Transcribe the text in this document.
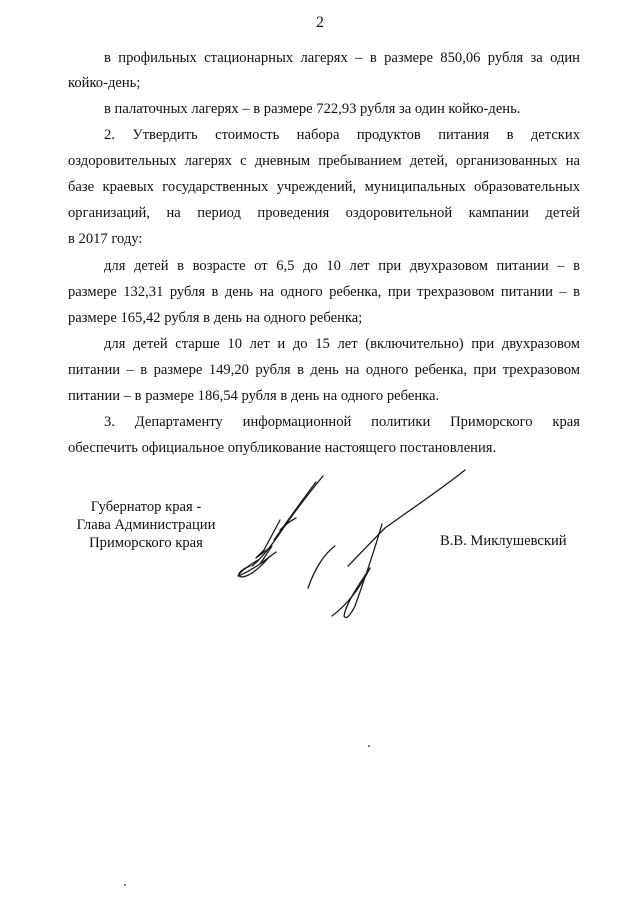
2
в профильных стационарных лагерях – в размере 850,06 рубля за один
койко-день;
в палаточных лагерях – в размере 722,93 рубля за один койко-день.
2. Утвердить стоимость набора продуктов питания в детских
оздоровительных лагерях с дневным пребыванием детей, организованных на
базе краевых государственных учреждений, муниципальных образовательных
организаций, на период проведения оздоровительной кампании детей
в 2017 году:
для детей в возрасте от 6,5 до 10 лет при двухразовом питании – в
размере 132,31 рубля в день на одного ребенка, при трехразовом питании – в
размере 165,42 рубля в день на одного ребенка;
для детей старше 10 лет и до 15 лет (включительно) при двухразовом
питании – в размере 149,20 рубля в день на одного ребенка, при трехразовом
питании – в размере 186,54 рубля в день на одного ребенка.
3. Департаменту информационной политики Приморского края
обеспечить официальное опубликование настоящего постановления.
Губернатор края -
Глава Администрации
Приморского края	В.В. Миклушевский
